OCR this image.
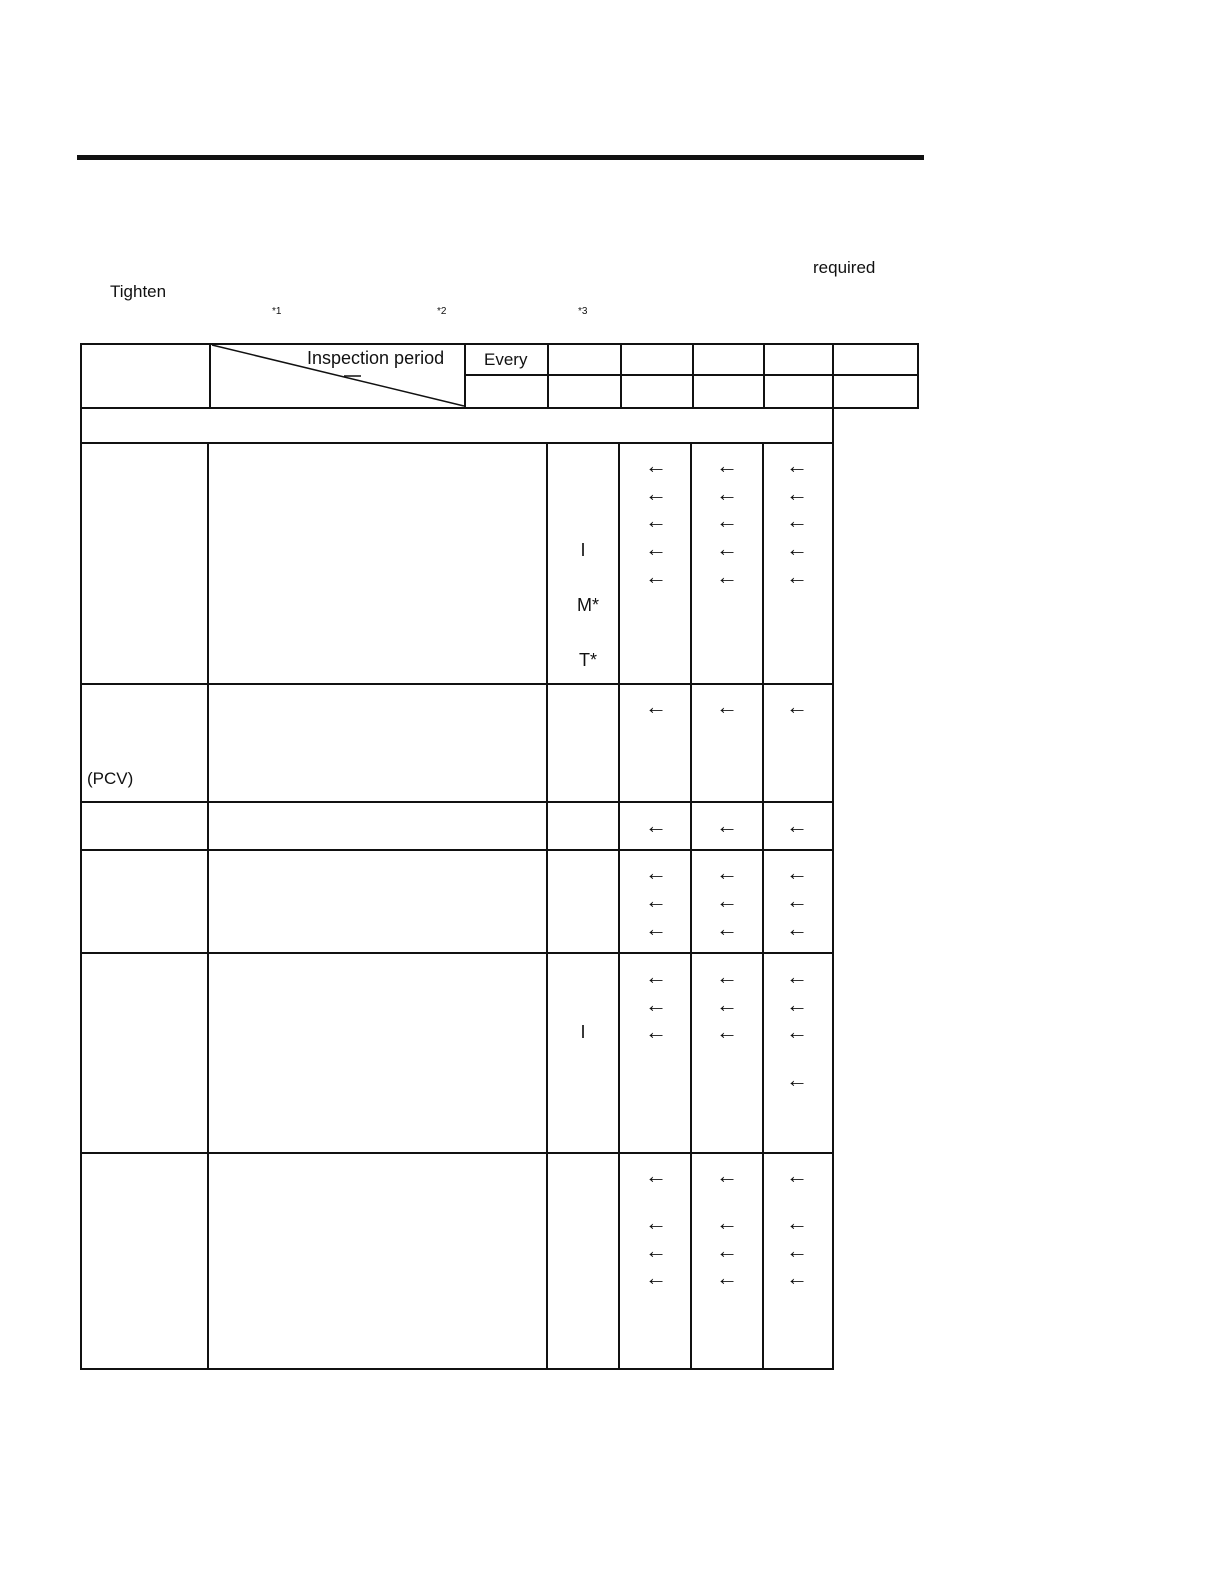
required
Tighten
*1	*2	*3
Inspection period Every
(PCV)
I
M*
T*
I
← ← ←
← ← ←
← ← ←
← ← ←
← ← ←
← ← ←
← ← ←
← ← ←
← ← ←
← ← ←
← ← ←
← ← ←
← ← ←
← ← ←
← ← ←
← ← ←
← ← ←
←
